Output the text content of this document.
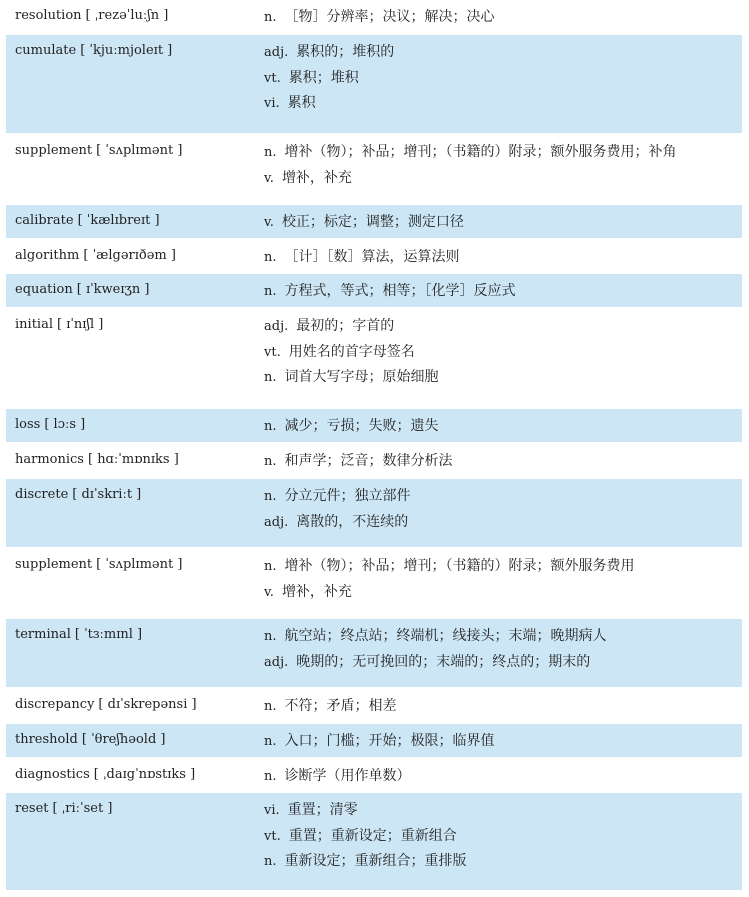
resolution [ ˌrezəˈluːʃn ]	n. ［物］分辨率；决议；解决；决心
cumulate [ ˈkjuːmjoleɪt ]	adj. 累积的；堆积的
vt. 累积；堆积
vi. 累积
supplement [ ˈsʌplɪmənt ]	n. 增补（物）；补品；增刊；（书籍的）附录；额外服务费用；补角
v. 增补，补充
calibrate [ ˈkælɪbreɪt ]	v. 校正；标定；调整；测定口径
algorithm [ ˈælgərɪðəm ]	n. ［计］［数］算法，运算法则
equation [ ɪˈkweɪʒn ]	n. 方程式，等式；相等；［化学］反应式
initial [ ɪˈnɪʃl ]	adj. 最初的；字首的
vt. 用姓名的首字母签名
n. 词首大写字母；原始细胞
loss [ lɔːs ]	n. 减少；亏损；失败；遗失
harmonics [ hɑːˈmɒnɪks ]	n. 和声学；泛音；数律分析法
discrete [ dɪˈskriːt ]	n. 分立元件；独立部件
adj. 离散的，不连续的
supplement [ ˈsʌplɪmənt ]	n. 增补（物）；补品；增刊；（书籍的）附录；额外服务费用
v. 增补，补充
terminal [ ˈtɜːmɪnl ]	n. 航空站；终点站；终端机；线接头；末端；晚期病人
adj. 晚期的；无可挽回的；末端的；终点的；期末的
discrepancy [ dɪˈskrepənsi ]	n. 不符；矛盾；相差
threshold [ ˈθreʃhəold ]	n. 入口；门槛；开始；极限；临界值
diagnostics [ ˌdaɪgˈnɒstɪks ]	n. 诊断学（用作单数）
reset [ ˌriːˈset ]	vi. 重置；清零
vt. 重置；重新设定；重新组合
n. 重新设定；重新组合；重排版
